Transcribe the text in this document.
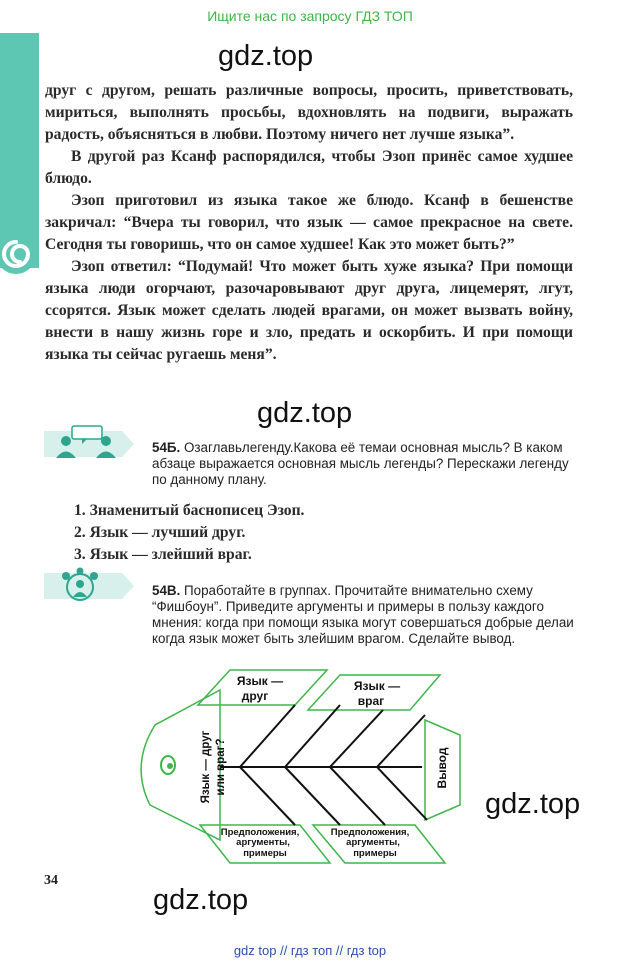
Ищите нас по запросу ГДЗ ТОП
gdz.top

друг с другом, решать различные вопросы, просить, приветствовать, мириться, выполнять просьбы, вдохновлять на подвиги, выражать радость, объясняться в любви. Поэтому ничего нет лучше языка”.

В другой раз Ксанф распорядился, чтобы Эзоп принёс самое худшее блюдо.

Эзоп приготовил из языка такое же блюдо. Ксанф в бешенстве закричал: “Вчера ты говорил, что язык — самое прекрасное на свете. Сегодня ты говоришь, что он самое худшее! Как это может быть?”

Эзоп ответил: “Подумай! Что может быть хуже языка? При помощи языка люди огорчают, разочаровывают друг друга, лицемерят, лгут, ссорятся. Язык может сделать людей врагами, он может вызвать войну, внести в нашу жизнь горе и зло, предать и оскорбить. И при помощи языка ты сейчас ругаешь меня”.

gdz.top
54Б. Озаглавьлегенду.Какова её темаи основная мысль? В каком абзаце выражается основная мысль легенды? Перескажи легенду по данному плану.
1. Знаменитый баснописец Эзоп.
2. Язык — лучший друг.
3. Язык — злейший враг.
54В. Поработайте в группах. Прочитайте внимательно схему “Фишбоун”. Приведите аргументы и примеры в пользу каждого мнения: когда при помощи языка могут совершаться добрые делаи когда язык может быть злейшим врагом. Сделайте вывод.
Язык —
друг
Язык —
враг
Язык — друг или враг?	Вывод
Предположения,
аргументы,
примеры
Предположения,
аргументы,
примеры
gdz.top
34
gdz.top
gdz top // гдз топ // гдз top
